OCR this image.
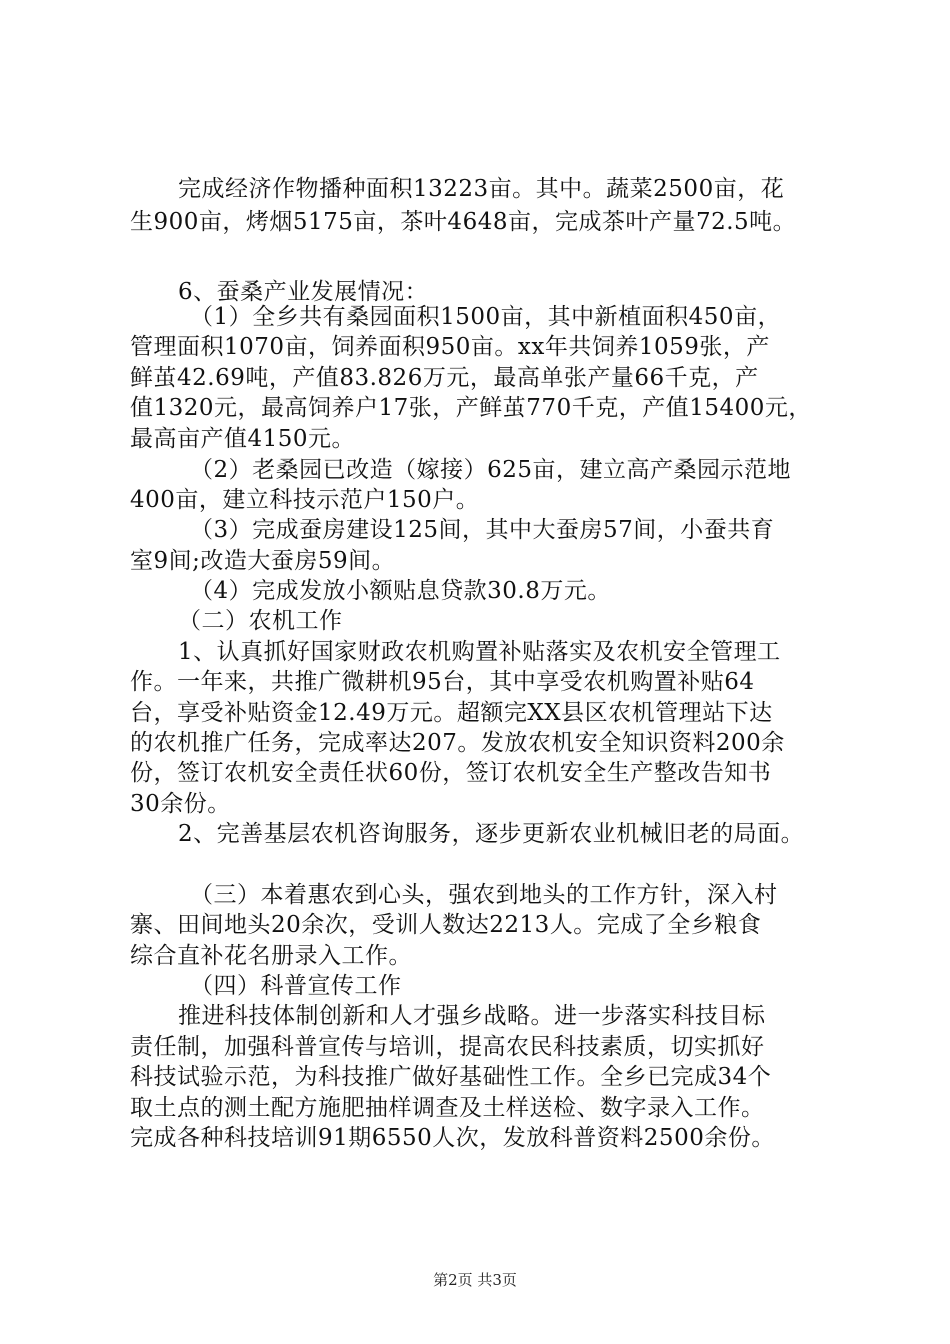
完成经济作物播种面积13223亩。其中。蔬菜2500亩，花
生900亩，烤烟5175亩，茶叶4648亩，完成茶叶产量72.5吨。
6、蚕桑产业发展情况：
（1）全乡共有桑园面积1500亩，其中新植面积450亩，
管理面积1070亩，饲养面积950亩。xx年共饲养1059张，产
鲜茧42.69吨，产值83.826万元，最高单张产量66千克，产
值1320元，最高饲养户17张，产鲜茧770千克，产值15400元，
最高亩产值4150元。
（2）老桑园已改造（嫁接）625亩，建立高产桑园示范地
400亩，建立科技示范户150户。
（3）完成蚕房建设125间，其中大蚕房57间，小蚕共育
室9间;改造大蚕房59间。
（4）完成发放小额贴息贷款30.8万元。
（二）农机工作
1、认真抓好国家财政农机购置补贴落实及农机安全管理工
作。一年来，共推广微耕机95台，其中享受农机购置补贴64
台，享受补贴资金12.49万元。超额完XX县区农机管理站下达
的农机推广任务，完成率达207。发放农机安全知识资料200余
份，签订农机安全责任状60份，签订农机安全生产整改告知书
30余份。
2、完善基层农机咨询服务，逐步更新农业机械旧老的局面。
（三）本着惠农到心头，强农到地头的工作方针，深入村
寨、田间地头20余次，受训人数达2213人。完成了全乡粮食
综合直补花名册录入工作。
（四）科普宣传工作
推进科技体制创新和人才强乡战略。进一步落实科技目标
责任制，加强科普宣传与培训，提高农民科技素质，切实抓好
科技试验示范，为科技推广做好基础性工作。全乡已完成34个
取土点的测土配方施肥抽样调查及土样送检、数字录入工作。
完成各种科技培训91期6550人次，发放科普资料2500余份。
第2页 共3页
